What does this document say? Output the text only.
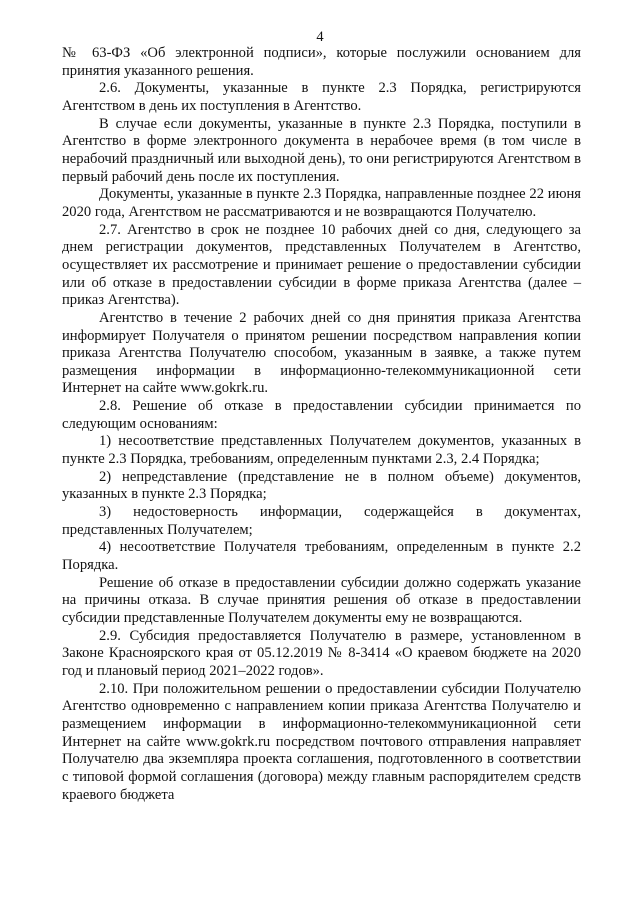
4

№ 63-ФЗ «Об электронной подписи», которые послужили основанием для принятия указанного решения.

2.6. Документы, указанные в пункте 2.3 Порядка, регистрируются Агентством в день их поступления в Агентство.

В случае если документы, указанные в пункте 2.3 Порядка, поступили в Агентство в форме электронного документа в нерабочее время (в том числе в нерабочий праздничный или выходной день), то они регистрируются Агентством в первый рабочий день после их поступления.

Документы, указанные в пункте 2.3 Порядка, направленные позднее 22 июня 2020 года, Агентством не рассматриваются и не возвращаются Получателю.

2.7. Агентство в срок не позднее 10 рабочих дней со дня, следующего за днем регистрации документов, представленных Получателем в Агентство, осуществляет их рассмотрение и принимает решение о предоставлении субсидии или об отказе в предоставлении субсидии в форме приказа Агентства (далее – приказ Агентства).

Агентство в течение 2 рабочих дней со дня принятия приказа Агентства информирует Получателя о принятом решении посредством направления копии приказа Агентства Получателю способом, указанным в заявке, а также путем размещения информации в информационно-телекоммуникационной сети Интернет на сайте www.gokrk.ru.

2.8. Решение об отказе в предоставлении субсидии принимается по следующим основаниям:

1) несоответствие представленных Получателем документов, указанных в пункте 2.3 Порядка, требованиям, определенным пунктами 2.3, 2.4 Порядка;

2) непредставление (представление не в полном объеме) документов, указанных в пункте 2.3 Порядка;

3) недостоверность информации, содержащейся в документах, представленных Получателем;

4) несоответствие Получателя требованиям, определенным в пункте 2.2 Порядка.

Решение об отказе в предоставлении субсидии должно содержать указание на причины отказа. В случае принятия решения об отказе в предоставлении субсидии представленные Получателем документы ему не возвращаются.

2.9. Субсидия предоставляется Получателю в размере, установленном в Законе Красноярского края от 05.12.2019 № 8-3414 «О краевом бюджете на 2020 год и плановый период 2021–2022 годов».

2.10. При положительном решении о предоставлении субсидии Получателю Агентство одновременно с направлением копии приказа Агентства Получателю и размещением информации в информационно-телекоммуникационной сети Интернет на сайте www.gokrk.ru посредством почтового отправления направляет Получателю два экземпляра проекта соглашения, подготовленного в соответствии с типовой формой соглашения (договора) между главным распорядителем средств краевого бюджета
